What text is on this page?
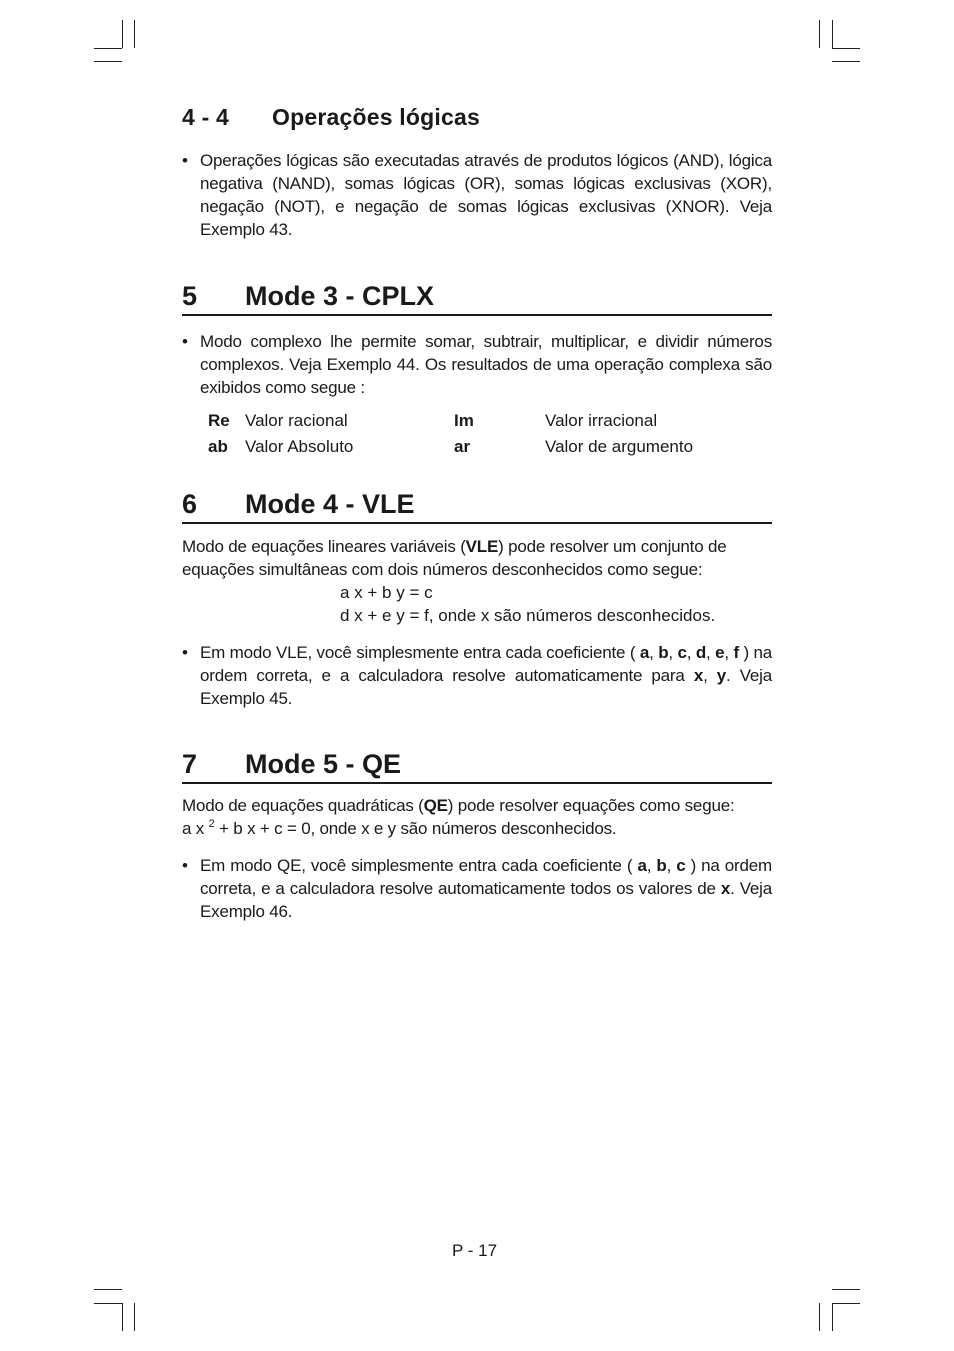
4 - 4 Operações lógicas
• Operações lógicas são executadas através de produtos lógicos (AND), lógica negativa (NAND), somas lógicas (OR), somas lógicas exclusivas (XOR), negação (NOT), e negação de somas lógicas exclusivas (XNOR). Veja Exemplo 43.
5 Mode 3 - CPLX
• Modo complexo lhe permite somar, subtrair, multiplicar, e dividir números complexos. Veja Exemplo 44. Os resultados de uma operação complexa são exibidos como segue :
Re Valor racional	Im	Valor irracional
ab Valor Absoluto	ar	Valor de argumento
6 Mode 4 - VLE
Modo de equações lineares variáveis (VLE) pode resolver um conjunto de equações simultâneas com dois números desconhecidos como segue:
a x + b y = c
d x + e y = f, onde x são números desconhecidos.
• Em modo VLE, você simplesmente entra cada coeficiente ( a, b, c, d, e, f ) na ordem correta, e a calculadora resolve automaticamente para x, y. Veja Exemplo 45.
7 Mode 5 - QE
Modo de equações quadráticas (QE) pode resolver equações como segue:
a x $^2$ + b x + c = 0, onde x e y são números desconhecidos.
• Em modo QE, você simplesmente entra cada coeficiente ( a, b, c ) na ordem correta, e a calculadora resolve automaticamente todos os valores de x. Veja Exemplo 46.
P - 17
